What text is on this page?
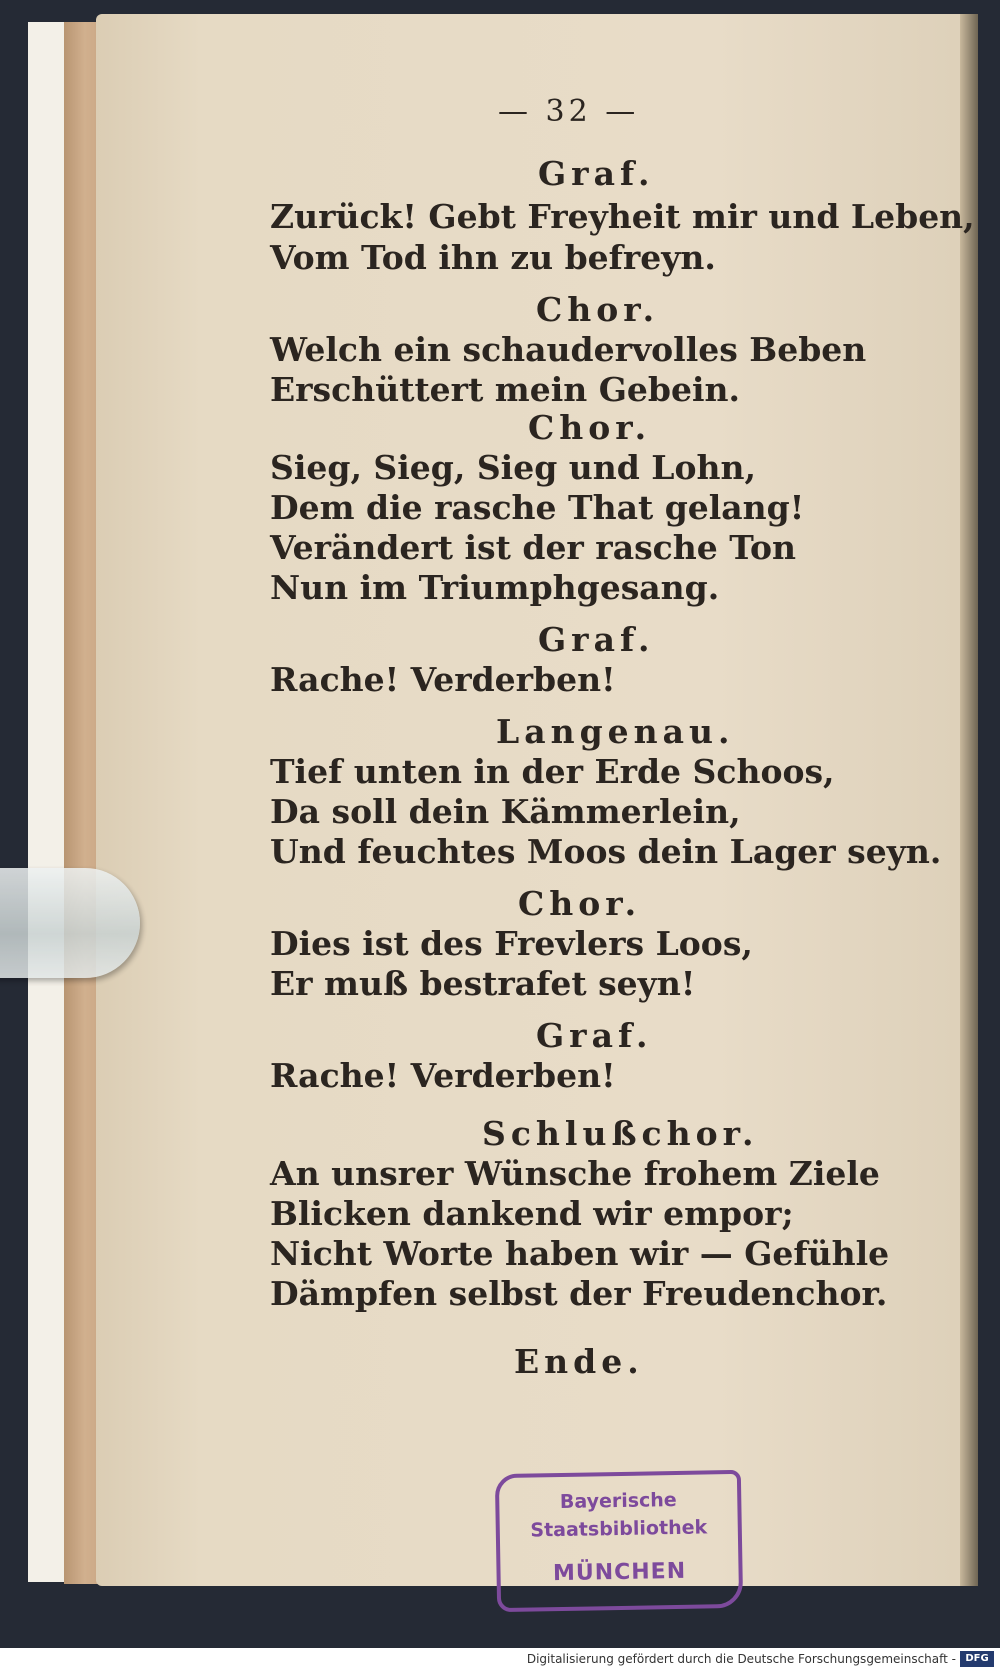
— 32 —

Graf.

Zurück! Gebt Freyheit mir und Leben,

Vom Tod ihn zu befreyn.

Chor.

Welch ein schaudervolles Beben

Erschüttert mein Gebein.

Chor.

Sieg, Sieg, Sieg und Lohn,

Dem die rasche That gelang!

Verändert ist der rasche Ton

Nun im Triumphgesang.

Graf.

Rache! Verderben!

Langenau.

Tief unten in der Erde Schoos,

Da soll dein Kämmerlein,

Und feuchtes Moos dein Lager seyn.

Chor.

Dies ist des Frevlers Loos,

Er muß bestrafet seyn!

Graf.

Rache! Verderben!

Schlußchor.

An unsrer Wünsche frohem Ziele

Blicken dankend wir empor;

Nicht Worte haben wir — Gefühle

Dämpfen selbst der Freudenchor.

Ende.

Bayerische
Staatsbibliothek
MÜNCHEN
Digitalisierung gefördert durch die Deutsche Forschungsgemeinschaft - DFG
